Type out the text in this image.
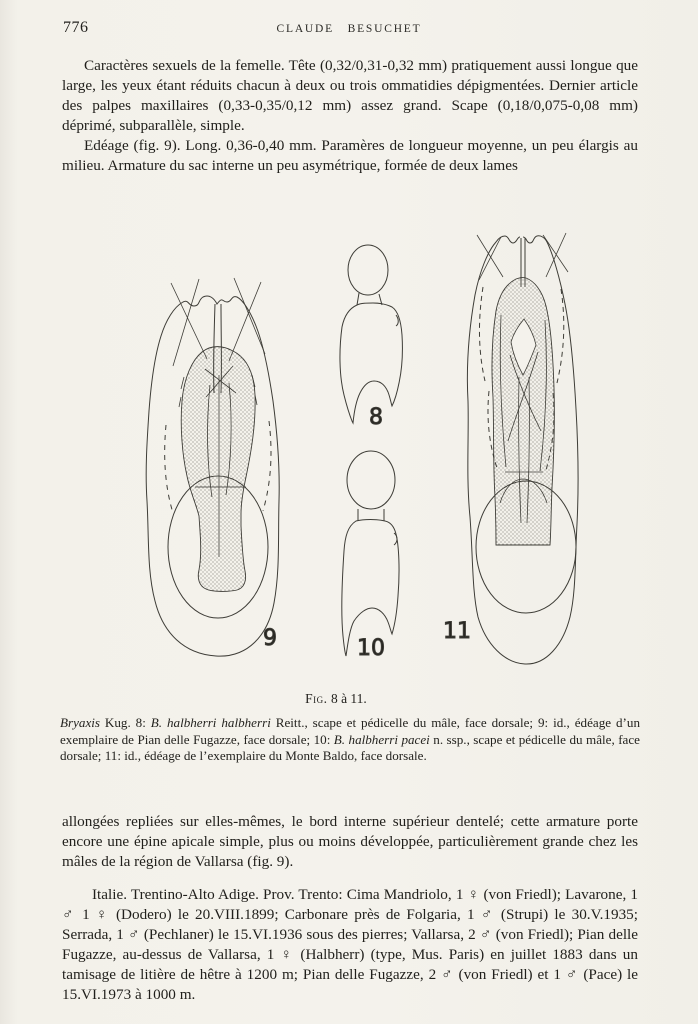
776	CLAUDE BESUCHET

Caractères sexuels de la femelle. Tête (0,32/0,31-0,32 mm) pratiquement aussi longue que large, les yeux étant réduits chacun à deux ou trois ommatidies dépigmentées. Dernier article des palpes maxillaires (0,33-0,35/0,12 mm) assez grand. Scape (0,18/0,075-0,08 mm) déprimé, subparallèle, simple.

Edéage (fig. 9). Long. 0,36-0,40 mm. Paramères de longueur moyenne, un peu élargis au milieu. Armature du sac interne un peu asymétrique, formée de deux lames

9
8
10
11
Fig. 8 à 11.
Bryaxis Kug. 8: B. halbherri halbherri Reitt., scape et pédicelle du mâle, face dorsale; 9: id., édéage d’un exemplaire de Pian delle Fugazze, face dorsale; 10: B. halbherri pacei n. ssp., scape et pédicelle du mâle, face dorsale; 11: id., édéage de l’exemplaire du Monte Baldo, face dorsale.

allongées repliées sur elles-mêmes, le bord interne supérieur dentelé; cette armature porte encore une épine apicale simple, plus ou moins développée, particulièrement grande chez les mâles de la région de Vallarsa (fig. 9).

Italie. Trentino-Alto Adige. Prov. Trento: Cima Mandriolo, 1 ♀ (von Friedl); Lavarone, 1 ♂ 1 ♀ (Dodero) le 20.VIII.1899; Carbonare près de Folgaria, 1 ♂ (Strupi) le 30.V.1935; Serrada, 1 ♂ (Pechlaner) le 15.VI.1936 sous des pierres; Vallarsa, 2 ♂ (von Friedl); Pian delle Fugazze, au-dessus de Vallarsa, 1 ♀ (Halbherr) (type, Mus. Paris) en juillet 1883 dans un tamisage de litière de hêtre à 1200 m; Pian delle Fugazze, 2 ♂ (von Friedl) et 1 ♂ (Pace) le 15.VI.1973 à 1000 m.
